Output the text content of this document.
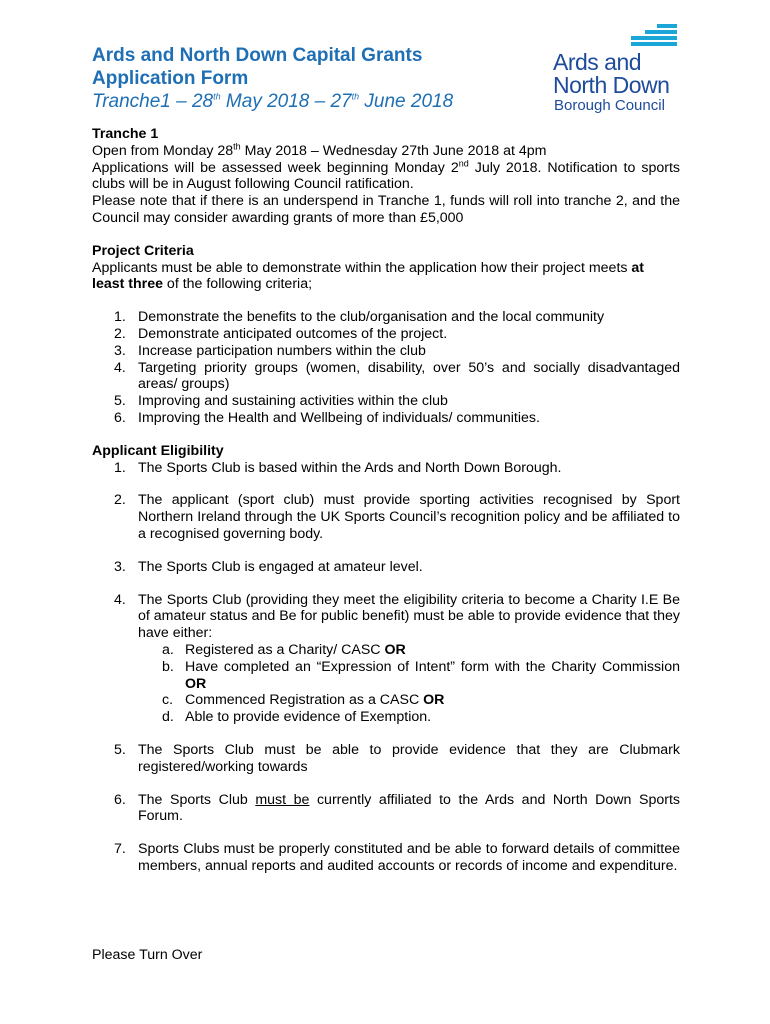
Ards and North Down Capital Grants
Application Form
Tranche1 – 28th May 2018 – 27th June 2018
Ards and
North Down
Borough Council

Tranche 1

Open from Monday 28th May 2018 – Wednesday 27th June 2018 at 4pm

Applications will be assessed week beginning Monday 2nd July 2018. Notification to sports clubs will be in August following Council ratification.

Please note that if there is an underspend in Tranche 1, funds will roll into tranche 2, and the Council may consider awarding grants of more than £5,000

Project Criteria

Applicants must be able to demonstrate within the application how their project meets at least three of the following criteria;

1. Demonstrate the benefits to the club/organisation and the local community
2. Demonstrate anticipated outcomes of the project.
3. Increase participation numbers within the club
4. Targeting priority groups (women, disability, over 50’s and socially disadvantaged areas/ groups)
5. Improving and sustaining activities within the club
6. Improving the Health and Wellbeing of individuals/ communities.

Applicant Eligibility

1. The Sports Club is based within the Ards and North Down Borough.
2. The applicant (sport club) must provide sporting activities recognised by Sport Northern Ireland through the UK Sports Council’s recognition policy and be affiliated to a recognised governing body.
3. The Sports Club is engaged at amateur level.
4. The Sports Club (providing they meet the eligibility criteria to become a Charity I.E Be of amateur status and Be for public benefit) must be able to provide evidence that they have either:
a. Registered as a Charity/ CASC OR
b. Have completed an “Expression of Intent” form with the Charity Commission OR
c. Commenced Registration as a CASC OR
d. Able to provide evidence of Exemption.
5. The Sports Club must be able to provide evidence that they are Clubmark registered/working towards
6. The Sports Club must be currently affiliated to the Ards and North Down Sports Forum.
7. Sports Clubs must be properly constituted and be able to forward details of committee members, annual reports and audited accounts or records of income and expenditure.
Please Turn Over
